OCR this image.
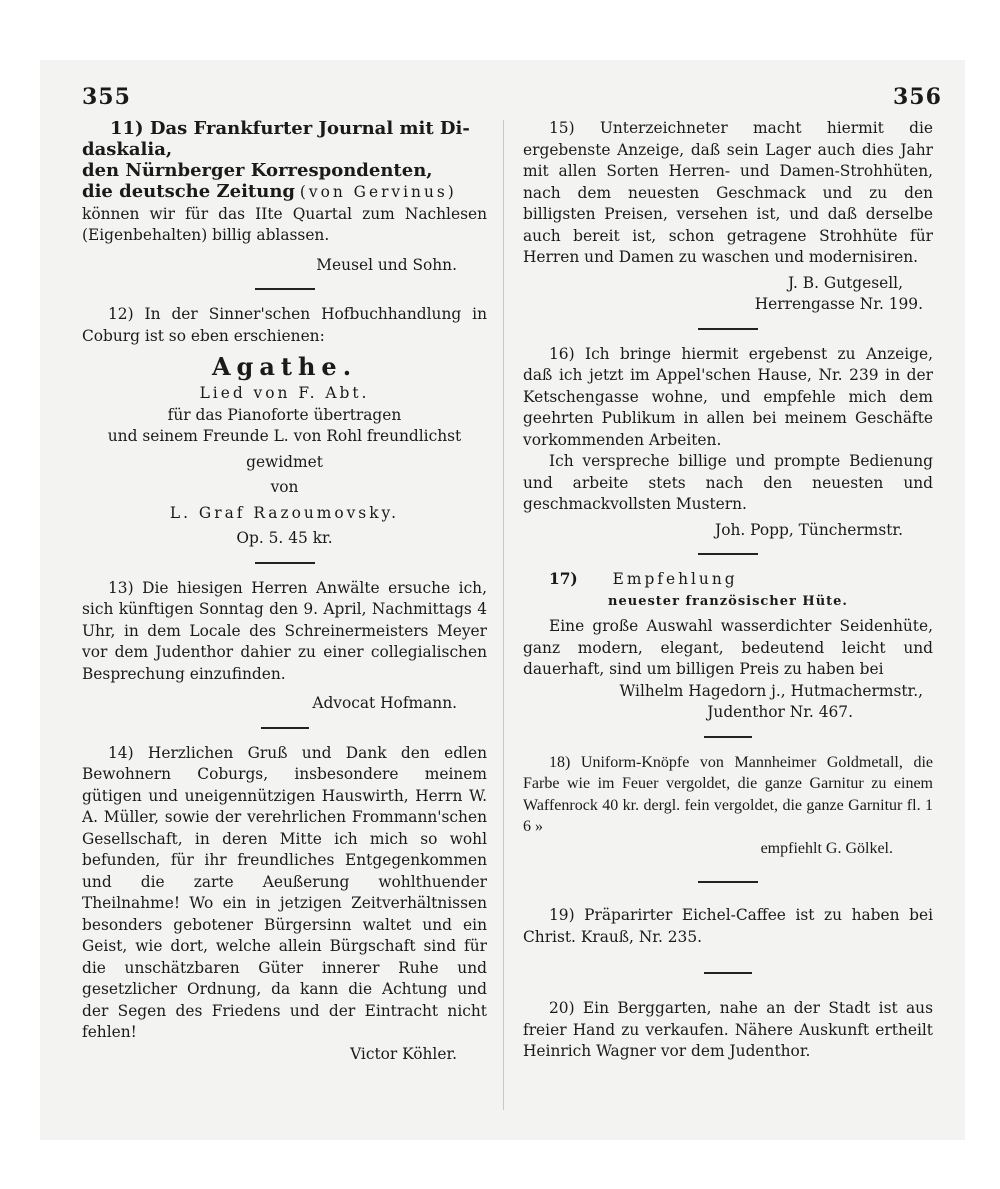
355	356
11) Das Frankfurter Journal mit Di-
daskalia,
den Nürnberger Korrespondenten,
die deutsche Zeitung (von Gervinus)

können wir für das IIte Quartal zum Nachlesen (Eigenbehalten) billig ablassen.

Meusel und Sohn.

12) In der Sinner'schen Hofbuchhandlung in Coburg ist so eben erschienen:

Agathe.
Lied von F. Abt.
für das Pianoforte übertragen
und seinem Freunde L. von Rohl freundlichst
gewidmet
von
L. Graf Razoumovsky.
Op. 5. 45 kr.

13) Die hiesigen Herren Anwälte ersuche ich, sich künftigen Sonntag den 9. April, Nachmittags 4 Uhr, in dem Locale des Schreinermeisters Meyer vor dem Judenthor dahier zu einer collegialischen Besprechung einzufinden.

Advocat Hofmann.

14) Herzlichen Gruß und Dank den edlen Bewohnern Coburgs, insbesondere meinem gütigen und uneigennützigen Hauswirth, Herrn W. A. Müller, sowie der verehrlichen Frommann'schen Gesellschaft, in deren Mitte ich mich so wohl befunden, für ihr freundliches Entgegenkommen und die zarte Aeußerung wohlthuender Theilnahme! Wo ein in jetzigen Zeitverhältnissen besonders gebotener Bürgersinn waltet und ein Geist, wie dort, welche allein Bürgschaft sind für die unschätzbaren Güter innerer Ruhe und gesetzlicher Ordnung, da kann die Achtung und der Segen des Friedens und der Eintracht nicht fehlen!

Victor Köhler.

15) Unterzeichneter macht hiermit die ergebenste Anzeige, daß sein Lager auch dies Jahr mit allen Sorten Herren- und Damen-Strohhüten, nach dem neuesten Geschmack und zu den billigsten Preisen, versehen ist, und daß derselbe auch bereit ist, schon getragene Strohhüte für Herren und Damen zu waschen und modernisiren.

J. B. Gutgesell,

Herrengasse Nr. 199.

16) Ich bringe hiermit ergebenst zu Anzeige, daß ich jetzt im Appel'schen Hause, Nr. 239 in der Ketschengasse wohne, und empfehle mich dem geehrten Publikum in allen bei meinem Geschäfte vorkommenden Arbeiten.

Ich verspreche billige und prompte Bedienung und arbeite stets nach den neuesten und geschmackvollsten Mustern.

Joh. Popp, Tünchermstr.

17) Empfehlung
neuester französischer Hüte.

Eine große Auswahl wasserdichter Seidenhüte, ganz modern, elegant, bedeutend leicht und dauerhaft, sind um billigen Preis zu haben bei

Wilhelm Hagedorn j., Hutmachermstr.,

Judenthor Nr. 467.

18) Uniform-Knöpfe von Mannheimer Goldmetall, die Farbe wie im Feuer vergoldet, die ganze Garnitur zu einem Waffenrock 40 kr. dergl. fein vergoldet, die ganze Garnitur fl. 1 6 »

empfiehlt G. Gölkel.

19) Präparirter Eichel-Caffee ist zu haben bei Christ. Krauß, Nr. 235.

20) Ein Berggarten, nahe an der Stadt ist aus freier Hand zu verkaufen. Nähere Auskunft ertheilt Heinrich Wagner vor dem Judenthor.
